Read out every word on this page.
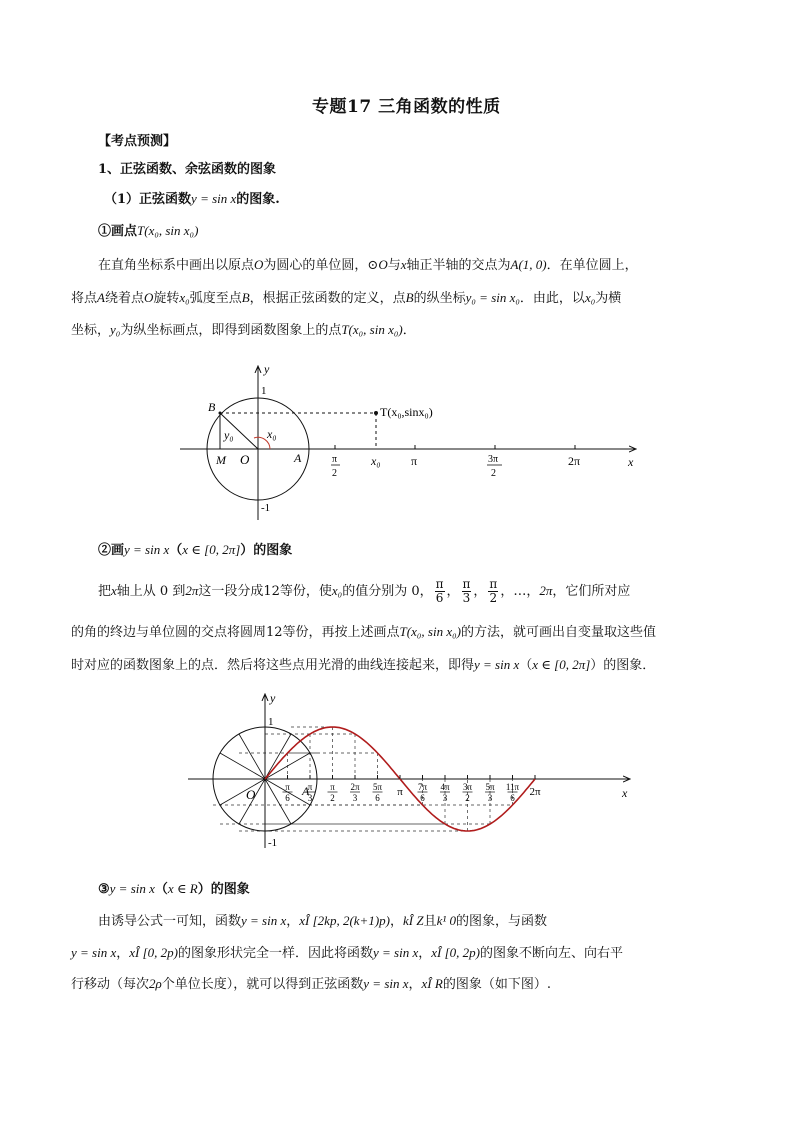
专题17 三角函数的性质
【考点预测】
1、正弦函数、余弦函数的图象
（1）正弦函数y = sin x的图象.
①画点T(x₀, sin x₀)
在直角坐标系中画出以原点O为圆心的单位圆，⊙O与x轴正半轴的交点为A(1, 0)．在单位圆上，
将点A绕着点O旋转x₀弧度至点B，根据正弦函数的定义，点B的纵坐标y₀ = sin x₀．由此，以x₀为横
坐标，y₀为纵坐标画点，即得到函数图象上的点T(x₀, sin x₀)．
y
x
1
-1
B
y₀	x₀
M O	A
T(x₀,sinx₀)
π
2
x₀	π	3π
2
2π
②画y = sin x（x ∈ [0, 2π]）的图象
把x轴上从 0 到2π这一段分成12等份，使x₀的值分别为 0， $\frac{\pi}{6}$ ， $\frac{\pi}{3}$ ， $\frac{\pi}{2}$ ，…，2π，它们所对应
的角的终边与单位圆的交点将圆周12等份，再按上述画点T(x₀, sin x₀)的方法，就可画出自变量取这些值
时对应的函数图象上的点．然后将这些点用光滑的曲线连接起来，即得y = sin x（x ∈ [0, 2π]）的图象．
π
6
π
3
π
2
2π
3
5π
6 π 7π
6
4π
3
3π
2
5π
3
11π
6 2π
y
x
1
-1
O	A
③y = sin x（x ∈ R）的图象
由诱导公式一可知，函数y = sin x，xÎ [2kp, 2(k+1)p)，kÎ Z且k¹ 0的图象，与函数
y = sin x，xÎ [0, 2p)的图象形状完全一样．因此将函数y = sin x，xÎ [0, 2p)的图象不断向左、向右平
行移动（每次2ρ个单位长度），就可以得到正弦函数y = sin x，xÎ R的图象（如下图）.
